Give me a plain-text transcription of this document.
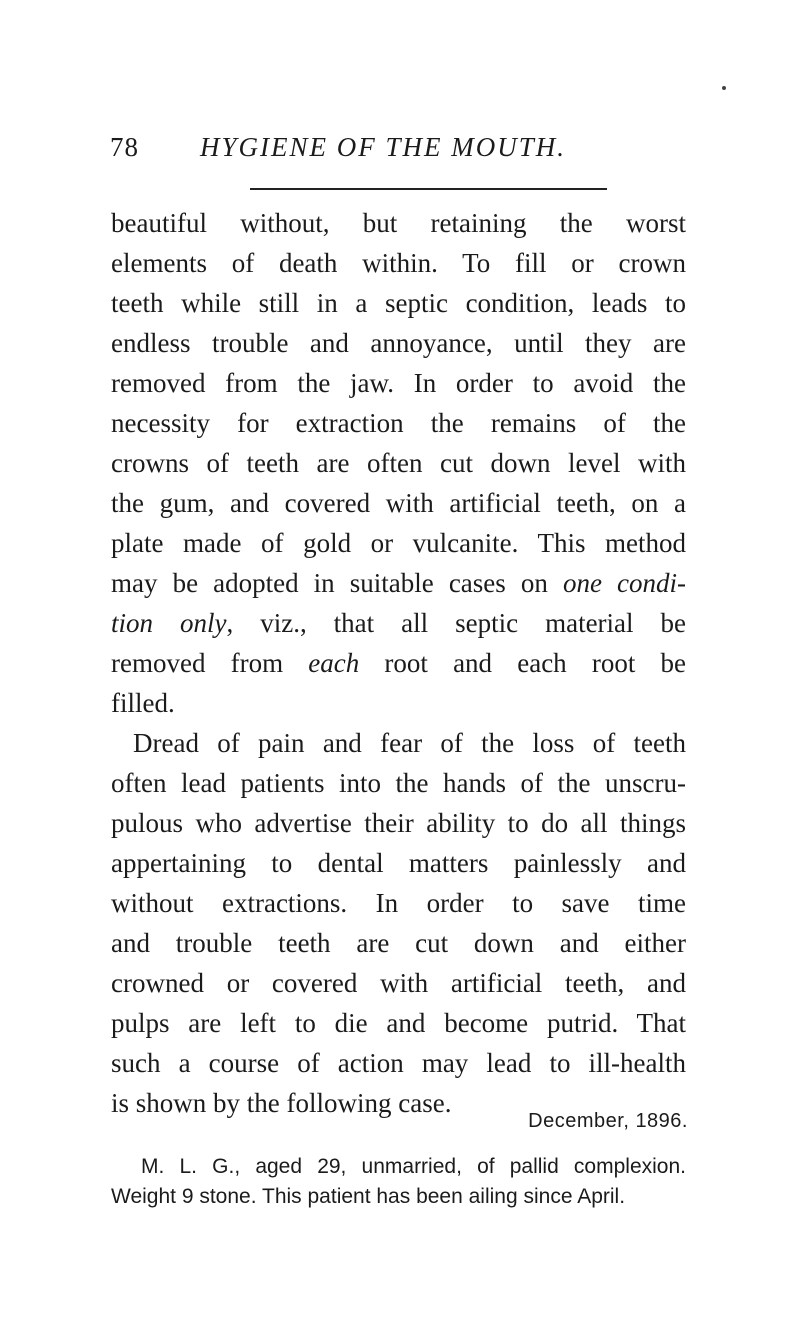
78 HYGIENE OF THE MOUTH.
beautiful without, but retaining the worst
elements of death within. To fill or crown
teeth while still in a septic condition, leads to
endless trouble and annoyance, until they are
removed from the jaw. In order to avoid the
necessity for extraction the remains of the
crowns of teeth are often cut down level with
the gum, and covered with artificial teeth, on a
plate made of gold or vulcanite. This method
may be adopted in suitable cases on one condi-
tion only, viz., that all septic material be
removed from each root and each root be
filled.
Dread of pain and fear of the loss of teeth
often lead patients into the hands of the unscru-
pulous who advertise their ability to do all things
appertaining to dental matters painlessly and
without extractions. In order to save time
and trouble teeth are cut down and either
crowned or covered with artificial teeth, and
pulps are left to die and become putrid. That
such a course of action may lead to ill-health
is shown by the following case.
December, 1896.
M. L. G., aged 29, unmarried, of pallid complexion.
Weight 9 stone. This patient has been ailing since April.
